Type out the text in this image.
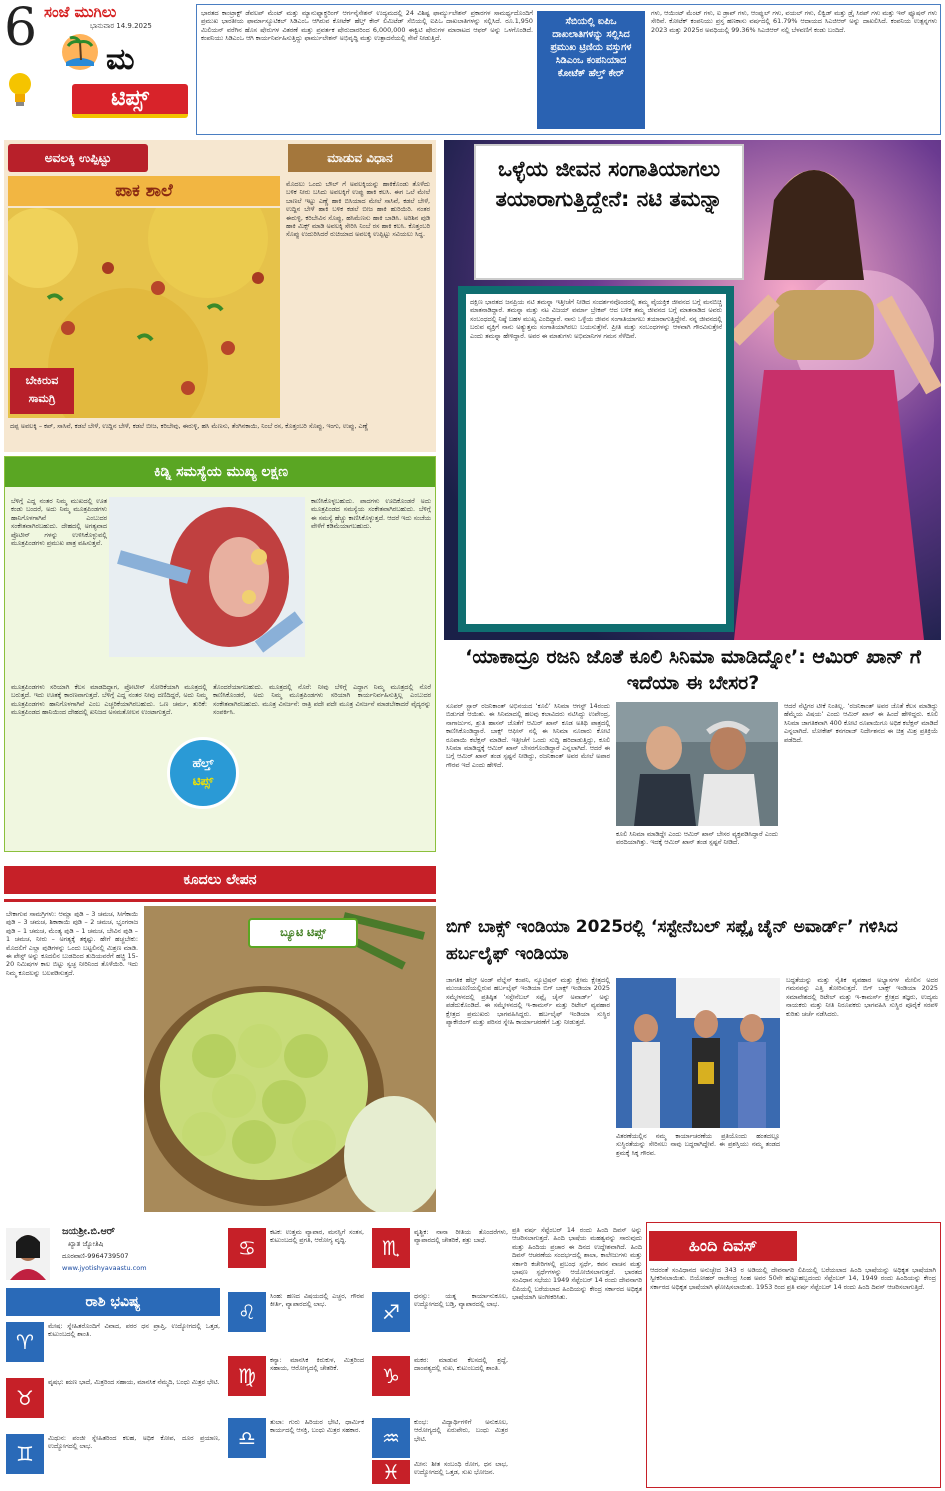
6 ಸಂಜೆ ಮುಗಿಲು
ಭಾನುವಾರ 14.9.2025
ಮ
ಟಿಪ್ಸ್
ಭಾರತದ ಕಾಂಟ್ರಾಕ್ಟ್ ಡೆವಲಪ್ ಮೆಂಟ್ ಮತ್ತು ಮ್ಯಾನುಫ್ಯಾಕ್ಚರಿಂಗ್ ಆರ್ಗನೈಸೇಶನ್ ಉದ್ಯಮದಲ್ಲಿ 24 ವಿಶಿಷ್ಟ ಫಾರ್ಮ್ಯುಲೇಶನ್ ಪ್ರಕಾರಗಳ ಸಾಮರ್ಥ್ಯದೊಂದಿಗೆ ಪ್ರಮುಖ ಭಾರತೀಯ ಫಾರ್ಮಾಸ್ಯೂಟಿಕಲ್ ಸಿಡಿಎಂಒ ಆಗಿರುವ ಕೋಟೆಕ್ ಹೆಲ್ತ್ ಕೇರ್ ಲಿಮಿಟೆಡ್ ಸೆಬಿಯಲ್ಲಿ ಐಪಿಒ ದಾಖಲಾತಿಗಳನ್ನು ಸಲ್ಲಿಸಿದೆ. ರೂ.1,950 ಮಿಲಿಯನ್ ವರೆಗಿನ ಹೊಸ ಷೇರುಗಳ ವಿತರಣೆ ಮತ್ತು ಪ್ರವರ್ತಕ ಷೇರುದಾರರಿಂದ 6,000,000 ಈಕ್ವಿಟಿ ಷೇರುಗಳ ಮಾರಾಟದ ಆಫರ್ ಅನ್ನು ಒಳಗೊಂಡಿದೆ. ಕಂಪನಿಯು ಸಿಡಿಎಂಒ ಆಗಿ ಕಾರ್ಯನಿರ್ವಹಿಸುತ್ತಿದ್ದು ಫಾರ್ಮುಲೇಶನ್ ಅಭಿವೃದ್ಧಿ ಮತ್ತು ಉತ್ಪಾದನೆಯಲ್ಲಿ ಸೇವೆ ನೀಡುತ್ತಿದೆ.
ಸೆಬಿಯಲ್ಲಿ ಐಪಿಒ ದಾಖಲಾತಿಗಳನ್ನು ಸಲ್ಲಿಸಿದ ಪ್ರಮುಖ ಟ್ರಿಣಿಯ ವಸ್ತುಗಳ ಸಿಡಿಎಂಒ ಕಂಪನಿಯಾದ ಕೋಟೆಕ್ ಹೆಲ್ತ್ ಕೇರ್
ಗಳು, ಆಯಿಂಟ್ ಮೆಂಟ್ ಗಳು, ಐ ಡ್ರಾಪ್ ಗಳು, ಆಂಪ್ಯುಲ್ ಗಳು, ವಯಲ್ ಗಳು, ಲಿಕ್ವಿಡ್ ಮತ್ತು ಡ್ರೈ ಸಿರಪ್ ಗಳು ಮತ್ತು ಇನ್ ಫ್ಯೂಷನ್ ಗಳು ಸೇರಿವೆ. ಕೋಟೆಕ್ ಕಂಪನಿಯು ಪ್ರಸ್ತ ಹಣಕಾಸು ವರ್ಷದಲ್ಲಿ 61.79% ಆದಾಯದ ಸಿಎಜಿಆರ್ ಅನ್ನು ದಾಖಲಿಸಿದೆ. ಕಂಪನಿಯ ಉತ್ಪನ್ನಗಳು 2023 ಮತ್ತು 2025ರ ಅವಧಿಯಲ್ಲಿ 99.36% ಸಿಎಜಿಆರ್ ನಲ್ಲಿ ಬೆಳವಣಿಗೆ ಕಂಡು ಬಂದಿದೆ.
ಅವಲಕ್ಕಿ ಉಪ್ಪಿಟ್ಟು	ಮಾಡುವ ವಿಧಾನ
ಪಾಕ ಶಾಲೆ
ಬೇಕಿರುವ
ಸಾಮಗ್ರಿ
ಮೊದಲು ಒಂದು ಬೌಲ್ ಗೆ ಅವಲಕ್ಕಿಯನ್ನು ಹಾಕಿಕೊಂಡು ತೊಳೆದು ಬಳಿಕ ನೀರು ಬಸಿದು ಅವಲಕ್ಕಿಗೆ ಉಪ್ಪು ಹಾಕಿ ಕಲಸಿ. ಈಗ ಒಲೆ ಮೇಲೆ ಬಾಣಲೆ ಇಟ್ಟು ಎಣ್ಣೆ ಹಾಕಿ ಬಿಸಿಯಾದ ಮೇಲೆ ಸಾಸಿವೆ, ಕಡಲೆ ಬೇಳೆ, ಉದ್ದಿನ ಬೇಳೆ ಹಾಕಿ ಬಳಿಕ ಕಡಲೆ ಬೀಜ ಹಾಕಿ ಹುರಿಯಿರಿ. ನಂತರ ಈರುಳ್ಳಿ, ಕರಿಬೇವಿನ ಸೊಪ್ಪು, ಹಸಿಮೆಣಸು ಹಾಕಿ ಬಾಡಿಸಿ. ಅರಿಶಿನ ಪುಡಿ ಹಾಕಿ ಮಿಕ್ಸ್ ಮಾಡಿ ಅವಲಕ್ಕಿ ಸೇರಿಸಿ ನಿಂಬೆ ರಸ ಹಾಕಿ ಕಲಸಿ. ಕೊತ್ತಂಬರಿ ಸೊಪ್ಪು ಉದುರಿಸಿದರೆ ರುಚಿಯಾದ ಅವಲಕ್ಕಿ ಉಪ್ಪಿಟ್ಟು ಸವಿಯಲು ಸಿದ್ಧ.
ದಪ್ಪ ಅವಲಕ್ಕಿ – ಕಪ್, ಸಾಸಿವೆ, ಕಡಲೆ ಬೇಳೆ, ಉದ್ದಿನ ಬೇಳೆ, ಕಡಲೆ ಬೀಜ, ಕರಿಬೇವು, ಈರುಳ್ಳಿ, ಹಸಿ ಮೆಣಸು, ತೆಂಗಿನಕಾಯಿ, ನಿಂಬೆ ರಸ, ಕೊತ್ತಂಬರಿ ಸೊಪ್ಪು, ಇಂಗು, ಉಪ್ಪು, ಎಣ್ಣೆ
ಒಳ್ಳೆಯ ಜೀವನ ಸಂಗಾತಿಯಾಗಲು ತಯಾರಾಗುತ್ತಿದ್ದೇನೆ: ನಟಿ ತಮನ್ನಾ
ದಕ್ಷಿಣ ಭಾರತದ ಜನಪ್ರಿಯ ನಟಿ ತಮನ್ನಾ ಇತ್ತೀಚೆಗೆ ನೀಡಿದ ಸಂದರ್ಶನವೊಂದರಲ್ಲಿ ತಮ್ಮ ವೈಯಕ್ತಿಕ ಜೀವನದ ಬಗ್ಗೆ ಮನಬಿಚ್ಚಿ ಮಾತನಾಡಿದ್ದಾರೆ. ತಮನ್ನಾ ಮತ್ತು ನಟ ವಿಜಯ್ ವರ್ಮಾ ಬ್ರೇಕಪ್ ಆದ ಬಳಿಕ ತಮ್ಮ ಜೀವನದ ಬಗ್ಗೆ ಮಾತನಾಡಿದ ಅವರು ಸಂಬಂಧದಲ್ಲಿ ನಿಷ್ಠೆ ಬಹಳ ಮುಖ್ಯ ಎಂದಿದ್ದಾರೆ. ನಾನು ಒಳ್ಳೆಯ ಜೀವನ ಸಂಗಾತಿಯಾಗಲು ತಯಾರಾಗುತ್ತಿದ್ದೇನೆ. ನನ್ನ ಜೀವನದಲ್ಲಿ ಬರುವ ವ್ಯಕ್ತಿಗೆ ನಾನು ಅತ್ಯುತ್ತಮ ಸಂಗಾತಿಯಾಗಿರಲು ಬಯಸುತ್ತೇನೆ. ಪ್ರೀತಿ ಮತ್ತು ಸಂಬಂಧಗಳನ್ನು ಆಳವಾಗಿ ಗೌರವಿಸುತ್ತೇನೆ ಎಂದು ತಮನ್ನಾ ಹೇಳಿದ್ದಾರೆ. ಅವರ ಈ ಮಾತುಗಳು ಅಭಿಮಾನಿಗಳ ಗಮನ ಸೆಳೆದಿವೆ.
ಕಿಡ್ನಿ ಸಮಸ್ಯೆಯ ಮುಖ್ಯ ಲಕ್ಷಣ
ಬೆಳಿಗ್ಗೆ ಎದ್ದ ನಂತರ ನಿಮ್ಮ ಮುಖದಲ್ಲಿ ಊತ ಕಂಡು ಬಂದರೆ, ಅದು ನಿಮ್ಮ ಮೂತ್ರಪಿಂಡಗಳು ಹಾನಿಗೊಳಗಾಗಿವೆ ಎಂಬುದರ ಸಂಕೇತವಾಗಿರಬಹುದು. ದೇಹದಲ್ಲಿ ಅಗತ್ಯವಾದ ಪ್ರೊಟೀನ್ ಗಳನ್ನು ಉಳಿಸಿಕೊಳ್ಳುವಲ್ಲಿ ಮೂತ್ರಪಿಂಡಗಳು ಪ್ರಮುಖ ಪಾತ್ರ ವಹಿಸುತ್ತವೆ.
ಕಾಣಿಸಿಕೊಳ್ಳಬಹುದು. ಪಾದಗಳು ಊದಿಕೊಂಡರೆ ಅದು ಮೂತ್ರಪಿಂಡದ ಸಮಸ್ಯೆಯ ಸಂಕೇತವಾಗಿರಬಹುದು. ಬೆಳಿಗ್ಗೆ ಈ ಸಮಸ್ಯೆ ಹೆಚ್ಚು ಕಾಣಿಸಿಕೊಳ್ಳುತ್ತದೆ. ಆದರೆ ಇದು ಸಂಜೆಯ ವೇಳೆಗೆ ಕಡಿಮೆಯಾಗಬಹುದು.
ಮೂತ್ರಪಿಂಡಗಳು ಸರಿಯಾಗಿ ಕೆಲಸ ಮಾಡದಿದ್ದಾಗ, ಪ್ರೋಟೀನ್ ಸೋರಿಕೆಯಾಗಿ ಮೂತ್ರದಲ್ಲಿ ಬರುತ್ತದೆ. ಇದು ಊತಕ್ಕೆ ಕಾರಣವಾಗುತ್ತದೆ. ಬೆಳಿಗ್ಗೆ ಎದ್ದ ನಂತರ ನೀವು ದಣಿದಿದ್ದರೆ, ಅದು ನಿಮ್ಮ ಮೂತ್ರಪಿಂಡಗಳು ಹಾನಿಗೊಳಗಾಗಿವೆ ಎಂಬ ಎಚ್ಚರಿಕೆಯಾಗಿರಬಹುದು. ಒಣ ಚರ್ಮ, ತುರಿಕೆ: ಮೂತ್ರಪಿಂಡದ ಹಾನಿಯಿಂದ ದೇಹದಲ್ಲಿ ಖನಿಜದ ಅಸಮತೋಲನ ಉಂಟಾಗುತ್ತದೆ.
ತೊಂದರೆಯಾಗಬಹುದು. ಮೂತ್ರದಲ್ಲಿ ನೊರೆ: ನೀವು ಬೆಳಿಗ್ಗೆ ಎದ್ದಾಗ ನಿಮ್ಮ ಮೂತ್ರದಲ್ಲಿ ನೊರೆ ಕಾಣಿಸಿಕೊಂಡರೆ, ಅದು ನಿಮ್ಮ ಮೂತ್ರಪಿಂಡಗಳು ಸರಿಯಾಗಿ ಕಾರ್ಯನಿರ್ವಹಿಸುತ್ತಿಲ್ಲ ಎಂಬುದರ ಸಂಕೇತವಾಗಿರಬಹುದು. ಮೂತ್ರ ವಿಸರ್ಜನೆ: ರಾತ್ರಿ ಪದೇ ಪದೇ ಮೂತ್ರ ವಿಸರ್ಜನೆ ಮಾಡಬೇಕಾದರೆ ವೈದ್ಯರನ್ನು ಸಂಪರ್ಕಿಸಿ.
ಹೆಲ್ತ್
ಟಿಪ್ಸ್
‘ಯಾಕಾದ್ರೂ ರಜನಿ ಜೊತೆ ಕೂಲಿ ಸಿನಿಮಾ ಮಾಡಿದ್ನೋ’: ಆಮಿರ್ ಖಾನ್ ಗೆ ಇದೆಯಾ ಈ ಬೇಸರ?
ಸೂಪರ್ ಸ್ಟಾರ್ ರಜನಿಕಾಂತ್ ಅಭಿನಯದ ‘ಕೂಲಿ’ ಸಿನಿಮಾ ಆಗಸ್ಟ್ 14ರಂದು ಬಿಡುಗಡೆ ಆಯಿತು. ಈ ಸಿನಿಮಾದಲ್ಲಿ ಹಲವು ಕಲಾವಿದರು ನಟಿಸಿದ್ದು ಉಪೇಂದ್ರ, ನಾಗಾರ್ಜುನ, ಶ್ರುತಿ ಹಾಸನ್ ಜೊತೆಗೆ ಆಮಿರ್ ಖಾನ್ ಕೂಡ ಅತಿಥಿ ಪಾತ್ರದಲ್ಲಿ ಕಾಣಿಸಿಕೊಂಡಿದ್ದಾರೆ. ಬಾಕ್ಸ್ ಆಫೀಸ್ ನಲ್ಲಿ ಈ ಸಿನಿಮಾ ನೂರಾರು ಕೋಟಿ ರೂಪಾಯಿ ಕಲೆಕ್ಷನ್ ಮಾಡಿದೆ. ಇತ್ತೀಚೆಗೆ ಒಂದು ಸುದ್ದಿ ಹರಿದಾಡುತ್ತಿದ್ದು, ಕೂಲಿ ಸಿನಿಮಾ ಮಾಡಿದ್ದಕ್ಕೆ ಆಮಿರ್ ಖಾನ್ ಬೇಸರಗೊಂಡಿದ್ದಾರೆ ಎನ್ನಲಾಗಿದೆ. ಆದರೆ ಈ ಬಗ್ಗೆ ಆಮಿರ್ ಖಾನ್ ತಂಡ ಸ್ಪಷ್ಟನೆ ನೀಡಿದ್ದು, ರಜನಿಕಾಂತ್ ಅವರ ಮೇಲೆ ಅಪಾರ ಗೌರವ ಇದೆ ಎಂದು ಹೇಳಿದೆ.
ಕೂಲಿ ಸಿನಿಮಾ ಮಾಡಿದ್ದೇ ಎಂದು ಆಮಿರ್ ಖಾನ್ ಬೇಸರ ವ್ಯಕ್ತಪಡಿಸಿದ್ದಾರೆ ಎಂದು ವರದಿಯಾಗಿತ್ತು. ಇದಕ್ಕೆ ಆಮಿರ್ ಖಾನ್ ತಂಡ ಸ್ಪಷ್ಟನೆ ನೀಡಿದೆ.
ಆದರೆ ನೆಟ್ಟಿಗರ ಟೀಕೆ ನಿಂತಿಲ್ಲ. ‘ರಜನಿಕಾಂತ್ ಅವರ ಜೊತೆ ಕೆಲಸ ಮಾಡಿದ್ದು ಹೆಮ್ಮೆಯ ವಿಷಯ’ ಎಂದು ಆಮಿರ್ ಖಾನ್ ಈ ಹಿಂದೆ ಹೇಳಿದ್ದರು. ಕೂಲಿ ಸಿನಿಮಾ ಜಾಗತಿಕವಾಗಿ 400 ಕೋಟಿ ರೂಪಾಯಿಗೂ ಅಧಿಕ ಕಲೆಕ್ಷನ್ ಮಾಡಿದೆ ಎನ್ನಲಾಗಿದೆ. ಲೋಕೇಶ್ ಕನಗರಾಜ್ ನಿರ್ದೇಶನದ ಈ ಚಿತ್ರ ಮಿಶ್ರ ಪ್ರತಿಕ್ರಿಯೆ ಪಡೆದಿದೆ.
ಕೂದಲು ಲೇಪನ
ಬೇಕಾಗುವ ಸಾಮಗ್ರಿಗಳು: ಆಮ್ಲಾ ಪುಡಿ – 3 ಚಮಚ, ಸೀಗೆಕಾಯಿ ಪುಡಿ – 3 ಚಮಚ, ಶಿಕಾಕಾಯಿ ಪುಡಿ – 2 ಚಮಚ, ಭೃಂಗರಾಜ ಪುಡಿ – 1 ಚಮಚ, ಮೆಂತ್ಯ ಪುಡಿ – 1 ಚಮಚ, ಬೇವಿನ ಪುಡಿ – 1 ಚಮಚ, ನೀರು – ಅಗತ್ಯಕ್ಕೆ ತಕ್ಕಷ್ಟು. ಹೇಗೆ ಹಚ್ಚಬೇಕು: ಮೊದಲಿಗೆ ಎಲ್ಲಾ ಪುಡಿಗಳನ್ನು ಒಂದು ಬಟ್ಟಲಿನಲ್ಲಿ ಮಿಶ್ರಣ ಮಾಡಿ. ಈ ಪೇಸ್ಟ್ ಅನ್ನು ಕೂದಲಿನ ಬುಡದಿಂದ ತುದಿಯವರೆಗೆ ಹಚ್ಚಿ 15-20 ನಿಮಿಷಗಳ ಕಾಲ ಬಿಟ್ಟು ಸ್ವಚ್ಛ ನೀರಿನಿಂದ ತೊಳೆಯಿರಿ. ಇದು ನಿಮ್ಮ ಕೂದಲನ್ನು ಬಲಪಡಿಸುತ್ತದೆ.
ಬ್ಯೂಟಿ ಟಿಪ್ಸ್	ಬಿಗ್ ಬಾಕ್ಸ್ ಇಂಡಿಯಾ 2025ರಲ್ಲಿ ‘ಸಸ್ಟೇನೆಬಲ್ ಸಪ್ಲೈ ಚೈನ್ ಅವಾರ್ಡ್’ ಗಳಿಸಿದ ಹರ್ಬಲೈಫ್ ಇಂಡಿಯಾ
ಜಾಗತಿಕ ಹೆಲ್ತ್ ಅಂಡ್ ವೆಲ್ನೆಸ್ ಕಂಪನಿ, ನ್ಯೂಟ್ರಿಷನ್ ಮತ್ತು ಕ್ಷೇಮ ಕ್ಷೇತ್ರದಲ್ಲಿ ಮುಂಚೂಣಿಯಲ್ಲಿರುವ ಹರ್ಬಲೈಫ್ ಇಂಡಿಯಾ ಬಿಗ್ ಬಾಕ್ಸ್ ಇಂಡಿಯಾ 2025 ಸಮ್ಮೇಳನದಲ್ಲಿ ಪ್ರತಿಷ್ಠಿತ ‘ಸಸ್ಟೇನೆಬಲ್ ಸಪ್ಲೈ ಚೈನ್ ಅವಾರ್ಡ್’ ಅನ್ನು ಪಡೆದುಕೊಂಡಿದೆ. ಈ ಸಮ್ಮೇಳನದಲ್ಲಿ ಇ-ಕಾಮರ್ಸ್ ಮತ್ತು ರಿಟೇಲ್ ವ್ಯವಹಾರ ಕ್ಷೇತ್ರದ ಪ್ರಮುಖರು ಭಾಗವಹಿಸಿದ್ದರು. ಹರ್ಬಲೈಫ್ ಇಂಡಿಯಾ ಸುಸ್ಥಿರ ಪ್ಯಾಕೇಜಿಂಗ್ ಮತ್ತು ಪರಿಸರ ಸ್ನೇಹಿ ಕಾರ್ಯಾಚರಣೆಗೆ ಒತ್ತು ನೀಡುತ್ತದೆ.
ವಿತರಣೆಯಲ್ಲಿನ ನಮ್ಮ ಕಾರ್ಯಾಚರಣೆಯ ಪ್ರತಿಯೊಂದು ಹಂತದಲ್ಲೂ ಸುಸ್ಥಿರತೆಯನ್ನು ಸೇರಿಸಲು ನಾವು ಬದ್ಧರಾಗಿದ್ದೇವೆ. ಈ ಪ್ರಶಸ್ತಿಯು ನಮ್ಮ ತಂಡದ ಶ್ರಮಕ್ಕೆ ಸಿಕ್ಕ ಗೌರವ.
ಬದ್ಧತೆಯನ್ನು ಮತ್ತು ನೈತಿಕ ವ್ಯವಹಾರ ಅಭ್ಯಾಸಗಳ ಮೇಲಿನ ಅದರ ಗಮನವನ್ನು ಎತ್ತಿ ತೋರಿಸುತ್ತದೆ. ಬಿಗ್ ಬಾಕ್ಸ್ ಇಂಡಿಯಾ 2025 ಸಮಾವೇಶದಲ್ಲಿ ರಿಟೇಲ್ ಮತ್ತು ಇ-ಕಾಮರ್ಸ್ ಕ್ಷೇತ್ರದ ತಜ್ಞರು, ಉದ್ಯಮ ನಾಯಕರು ಮತ್ತು ನೀತಿ ನಿರೂಪಕರು ಭಾಗವಹಿಸಿ ಸುಸ್ಥಿರ ಪೂರೈಕೆ ಸರಪಳಿ ಕುರಿತು ಚರ್ಚೆ ನಡೆಸಿದರು.
ಜಯಶ್ರೀ.ಬಿ.ಆರ್
ಖ್ಯಾತ ಜ್ಯೋತಿಷಿ
ದೂರವಾಣಿ-9964739507
www.jyotishyavaastu.com
ರಾಶಿ ಭವಿಷ್ಯ
♈
ಮೇಷ: ಸ್ನೇಹಿತರೊಂದಿಗೆ ವಿವಾದ, ಪರರ ಧನ ಪ್ರಾಪ್ತಿ, ಉದ್ಯೋಗದಲ್ಲಿ ಒತ್ತಡ, ಕುಟುಂಬದಲ್ಲಿ ಶಾಂತಿ.
♉
ವೃಷಭ: ಋಣ ಭಾದೆ, ಮಿತ್ರರಿಂದ ಸಹಾಯ, ಮಾನಸಿಕ ನೆಮ್ಮದಿ, ಬಂಧು ಮಿತ್ರರ ಭೇಟಿ.
♊
ಮಿಥುನ: ಪಂಜೀ ಸ್ನೇಹಿತರಿಂದ ಕಲಹ, ಅಧಿಕ ಕೋಪ, ದೂರ ಪ್ರಯಾಣ, ಉದ್ಯೋಗದಲ್ಲಿ ಲಾಭ.
♋
ಕಟಕ: ಉತ್ತಮ ವ್ಯಾಪಾರ, ಮನಸ್ಸಿಗೆ ಸಂತಸ, ಕುಟುಂಬದಲ್ಲಿ ಪ್ರಗತಿ, ಆರೋಗ್ಯ ವೃದ್ಧಿ.
♌
ಸಿಂಹ: ಹಣದ ವಿಷಯದಲ್ಲಿ ಎಚ್ಚರ, ಗೌರವ ಕೀರ್ತಿ, ವ್ಯಾಪಾರದಲ್ಲಿ ಲಾಭ.
♍
ಕನ್ಯಾ: ಮಾನಸಿಕ ಕಿರುಕುಳ, ಮಿತ್ರರಿಂದ ಸಹಾಯ, ಆರೋಗ್ಯದಲ್ಲಿ ಚೇತರಿಕೆ.
♎
ತುಲಾ: ಗುರು ಹಿರಿಯರ ಭೇಟಿ, ಧಾರ್ಮಿಕ ಕಾರ್ಯದಲ್ಲಿ ಆಸಕ್ತಿ, ಬಂಧು ಮಿತ್ರರ ಸಹಕಾರ.
♏
ವೃಶ್ಚಿಕ: ನಾನಾ ರೀತಿಯ ತೊಂದರೆಗಳು, ವ್ಯಾಪಾರದಲ್ಲಿ ಚೇತರಿಕೆ, ಶತ್ರು ಬಾಧೆ.
♐
ಧನಸ್ಸು: ಯತ್ನ ಕಾರ್ಯಾನುಕೂಲ, ಉದ್ಯೋಗದಲ್ಲಿ ಬಡ್ತಿ, ವ್ಯಾಪಾರದಲ್ಲಿ ಲಾಭ.
♑
ಮಕರ: ಮಾಡುವ ಕೆಲಸದಲ್ಲಿ ಶ್ರದ್ಧೆ, ದಾಂಪತ್ಯದಲ್ಲಿ ಸುಖ, ಕುಟುಂಬದಲ್ಲಿ ಶಾಂತಿ.
♒
ಕುಂಭ: ವಿದ್ಯಾರ್ಥಿಗಳಿಗೆ ಅನುಕೂಲ, ಆರೋಗ್ಯದಲ್ಲಿ ಏರುಪೇರು, ಬಂಧು ಮಿತ್ರರ ಭೇಟಿ.
♓	ಮೀನ: ಶೀತ ಸಂಬಂಧಿ ರೋಗ, ಧನ ಲಾಭ, ಉದ್ಯೋಗದಲ್ಲಿ ಒತ್ತಡ, ಸುಖ ಭೋಜನ.
ಹಿಂದಿ ದಿವಸ್
ಪ್ರತಿ ವರ್ಷ ಸೆಪ್ಟೆಂಬರ್ 14 ರಂದು ಹಿಂದಿ ದಿವಸ್ ಅನ್ನು ಆಚರಿಸಲಾಗುತ್ತದೆ. ಹಿಂದಿ ಭಾಷೆಯ ಮಹತ್ವವನ್ನು ಸಾರುವುದು ಮತ್ತು ಹಿಂದಿಯ ಪ್ರಚಾರ ಈ ದಿನದ ಉದ್ದೇಶವಾಗಿದೆ. ಹಿಂದಿ ದಿವಸ್ ಆಚರಣೆಯ ಸಂದರ್ಭದಲ್ಲಿ ಶಾಲಾ, ಕಾಲೇಜುಗಳು ಮತ್ತು ಸರ್ಕಾರಿ ಕಚೇರಿಗಳಲ್ಲಿ ಪ್ರಬಂಧ ಸ್ಪರ್ಧೆ, ಕವನ ವಾಚನ ಮತ್ತು ಭಾಷಣ ಸ್ಪರ್ಧೆಗಳನ್ನು ಆಯೋಜಿಸಲಾಗುತ್ತದೆ. ಭಾರತದ ಸಂವಿಧಾನ ಸಭೆಯು 1949 ಸೆಪ್ಟೆಂಬರ್ 14 ರಂದು ದೇವನಾಗರಿ ಲಿಪಿಯಲ್ಲಿ ಬರೆಯಲಾದ ಹಿಂದಿಯನ್ನು ಕೇಂದ್ರ ಸರ್ಕಾರದ ಅಧಿಕೃತ ಭಾಷೆಯಾಗಿ ಅಂಗೀಕರಿಸಿತು.
ಆದರಂತೆ ಸಂವಿಧಾನದ ಅನುಚ್ಛೇದ 343 ರ ಅಡಿಯಲ್ಲಿ ದೇವನಾಗರಿ ಲಿಪಿಯಲ್ಲಿ ಬರೆಯಲಾದ ಹಿಂದಿ ಭಾಷೆಯನ್ನು ಅಧಿಕೃತ ಭಾಷೆಯಾಗಿ ಸ್ವೀಕರಿಸಲಾಯಿತು. ಬಿಯೋಹರ್ ರಾಜೇಂದ್ರ ಸಿಂಹ ಅವರ 50ನೇ ಹುಟ್ಟುಹಬ್ಬದಂದು ಸೆಪ್ಟೆಂಬರ್ 14, 1949 ರಂದು ಹಿಂದಿಯನ್ನು ಕೇಂದ್ರ ಸರ್ಕಾರದ ಅಧಿಕೃತ ಭಾಷೆಯಾಗಿ ಘೋಷಿಸಲಾಯಿತು. 1953 ರಿಂದ ಪ್ರತಿ ವರ್ಷ ಸೆಪ್ಟೆಂಬರ್ 14 ರಂದು ಹಿಂದಿ ದಿವಸ್ ಆಚರಿಸಲಾಗುತ್ತಿದೆ.
